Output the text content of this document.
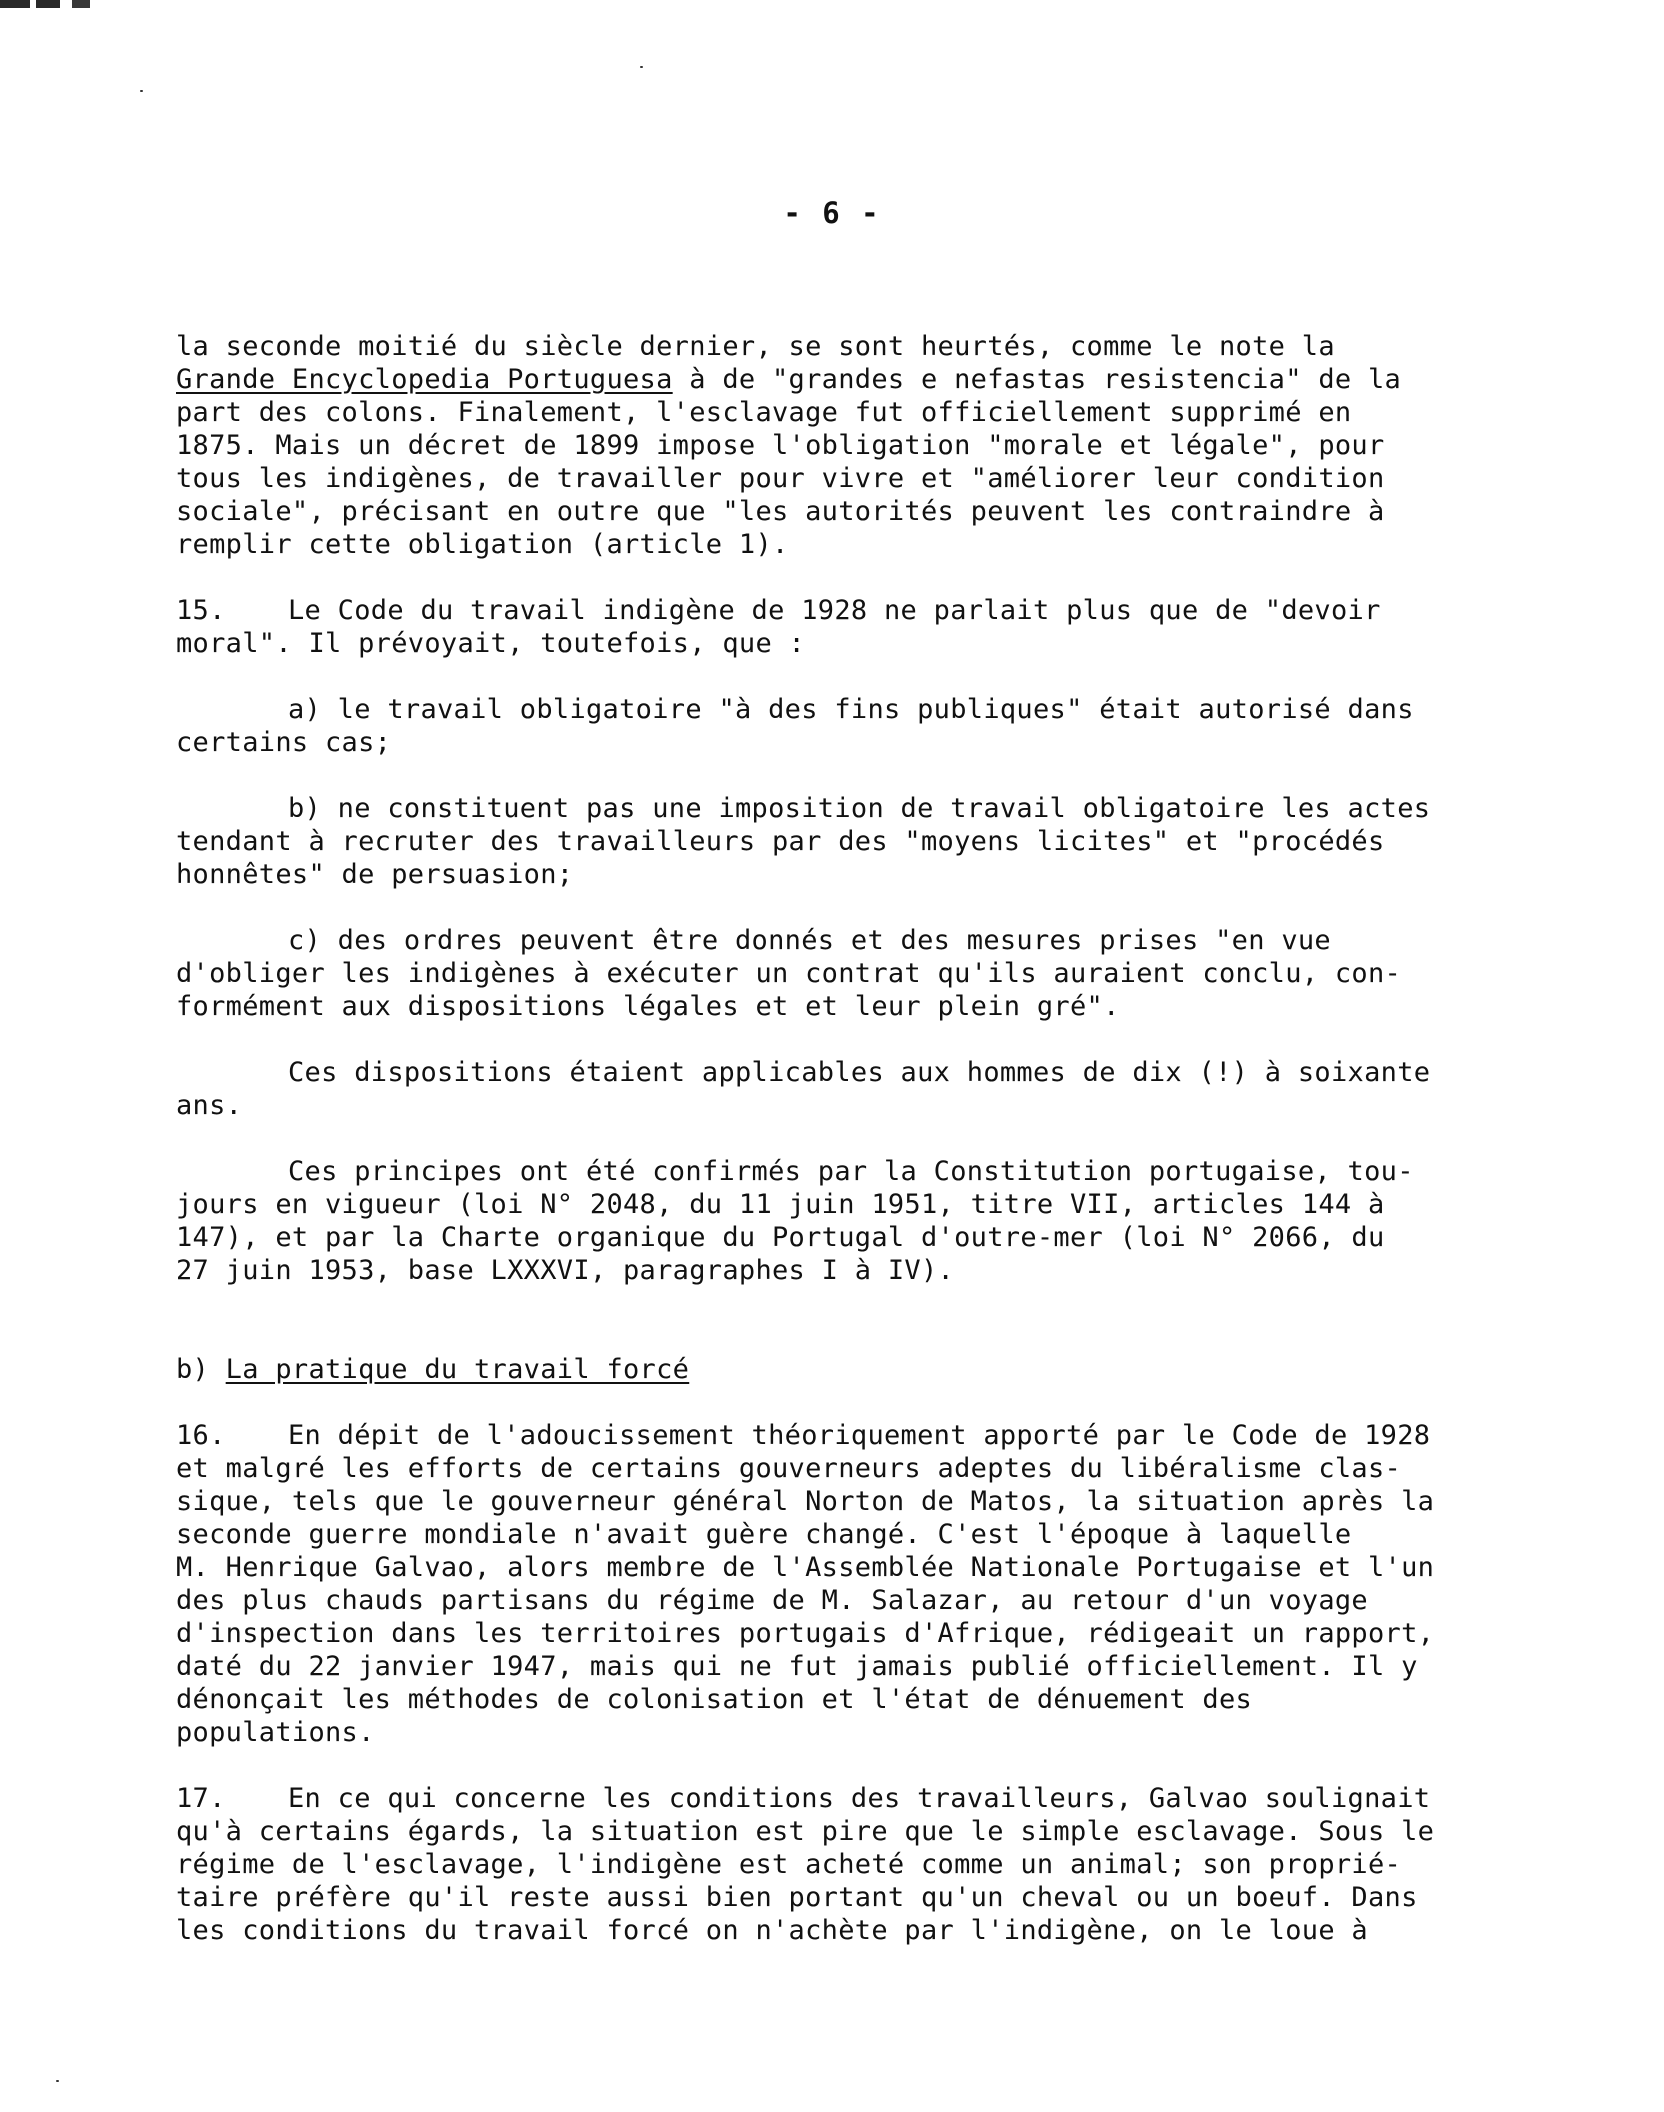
- 6 -
la seconde moitié du siècle dernier, se sont heurtés, comme le note la
Grande Encyclopedia Portuguesa à de "grandes e nefastas resistencia" de la
part des colons. Finalement, l'esclavage fut officiellement supprimé en
1875. Mais un décret de 1899 impose l'obligation "morale et légale", pour
tous les indigènes, de travailler pour vivre et "améliorer leur condition
sociale", précisant en outre que "les autorités peuvent les contraindre à
remplir cette obligation (article 1).
15. Le Code du travail indigène de 1928 ne parlait plus que de "devoir
moral". Il prévoyait, toutefois, que :
a) le travail obligatoire "à des fins publiques" était autorisé dans
certains cas;
b) ne constituent pas une imposition de travail obligatoire les actes
tendant à recruter des travailleurs par des "moyens licites" et "procédés
honnêtes" de persuasion;
c) des ordres peuvent être donnés et des mesures prises "en vue
d'obliger les indigènes à exécuter un contrat qu'ils auraient conclu, con-
formément aux dispositions légales et et leur plein gré".
Ces dispositions étaient applicables aux hommes de dix (!) à soixante
ans.
Ces principes ont été confirmés par la Constitution portugaise, tou-
jours en vigueur (loi N° 2048, du 11 juin 1951, titre VII, articles 144 à
147), et par la Charte organique du Portugal d'outre-mer (loi N° 2066, du
27 juin 1953, base LXXXVI, paragraphes I à IV).
b) La pratique du travail forcé
16. En dépit de l'adoucissement théoriquement apporté par le Code de 1928
et malgré les efforts de certains gouverneurs adeptes du libéralisme clas-
sique, tels que le gouverneur général Norton de Matos, la situation après la
seconde guerre mondiale n'avait guère changé. C'est l'époque à laquelle
M. Henrique Galvao, alors membre de l'Assemblée Nationale Portugaise et l'un
des plus chauds partisans du régime de M. Salazar, au retour d'un voyage
d'inspection dans les territoires portugais d'Afrique, rédigeait un rapport,
daté du 22 janvier 1947, mais qui ne fut jamais publié officiellement. Il y
dénonçait les méthodes de colonisation et l'état de dénuement des
populations.
17. En ce qui concerne les conditions des travailleurs, Galvao soulignait
qu'à certains égards, la situation est pire que le simple esclavage. Sous le
régime de l'esclavage, l'indigène est acheté comme un animal; son proprié-
taire préfère qu'il reste aussi bien portant qu'un cheval ou un boeuf. Dans
les conditions du travail forcé on n'achète par l'indigène, on le loue à
